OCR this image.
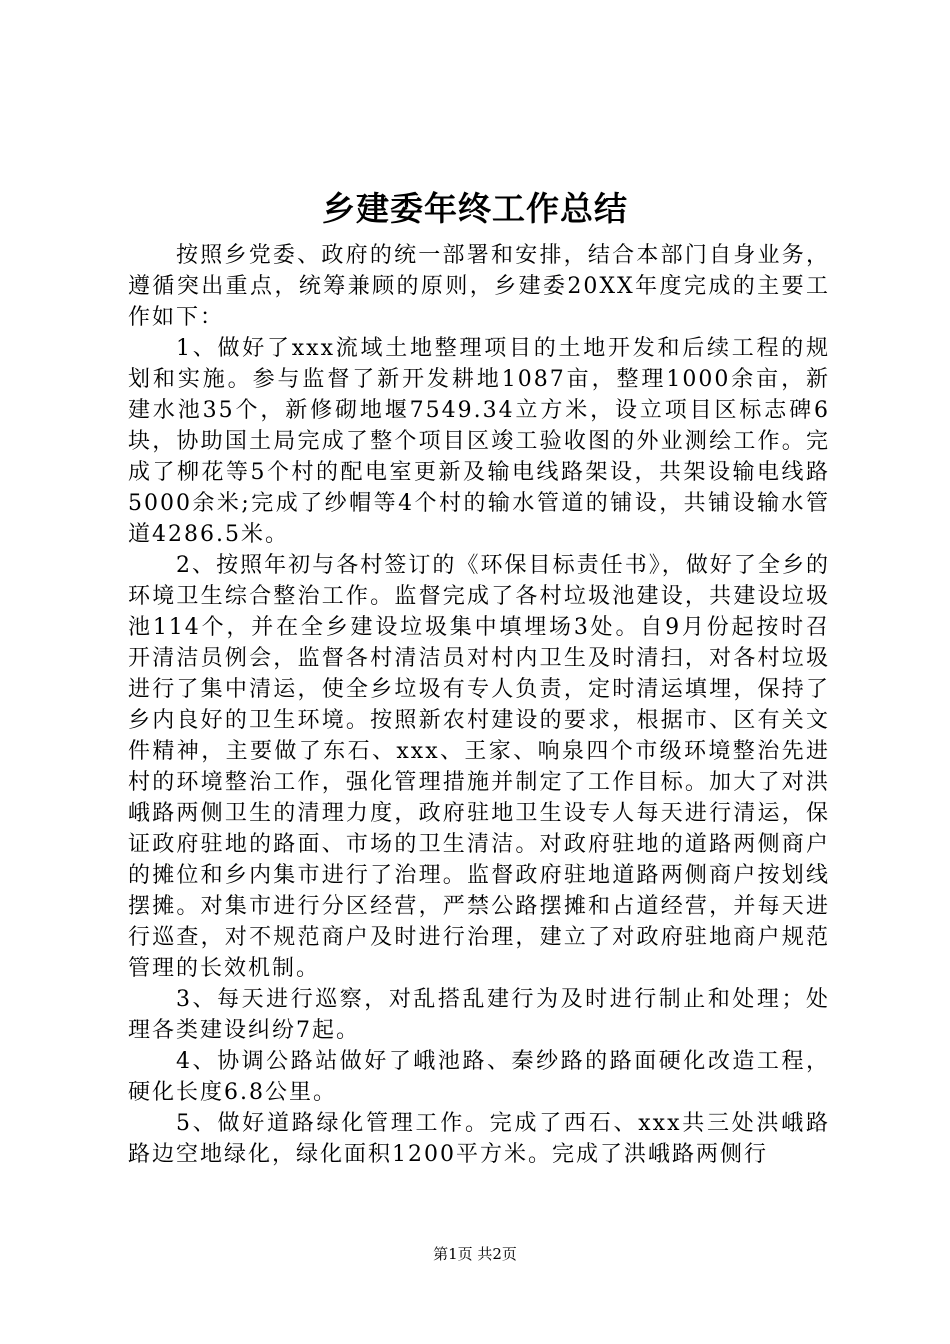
乡建委年终工作总结

按照乡党委、政府的统一部署和安排，结合本部门自身业务，遵循突出重点，统筹兼顾的原则，乡建委20XX年度完成的主要工作如下：

1、做好了xxx流域土地整理项目的土地开发和后续工程的规划和实施。参与监督了新开发耕地1087亩，整理1000余亩，新建水池35个，新修砌地堰7549.34立方米，设立项目区标志碑6块，协助国土局完成了整个项目区竣工验收图的外业测绘工作。完成了柳花等5个村的配电室更新及输电线路架设，共架设输电线路5000余米;完成了纱帽等4个村的输水管道的铺设，共铺设输水管道4286.5米。

2、按照年初与各村签订的《环保目标责任书》，做好了全乡的环境卫生综合整治工作。监督完成了各村垃圾池建设，共建设垃圾池114个，并在全乡建设垃圾集中填埋场3处。自9月份起按时召开清洁员例会，监督各村清洁员对村内卫生及时清扫，对各村垃圾进行了集中清运，使全乡垃圾有专人负责，定时清运填埋，保持了乡内良好的卫生环境。按照新农村建设的要求，根据市、区有关文件精神，主要做了东石、xxx、王家、响泉四个市级环境整治先进村的环境整治工作，强化管理措施并制定了工作目标。加大了对洪峨路两侧卫生的清理力度，政府驻地卫生设专人每天进行清运，保证政府驻地的路面、市场的卫生清洁。对政府驻地的道路两侧商户的摊位和乡内集市进行了治理。监督政府驻地道路两侧商户按划线摆摊。对集市进行分区经营，严禁公路摆摊和占道经营，并每天进行巡查，对不规范商户及时进行治理，建立了对政府驻地商户规范管理的长效机制。

3、每天进行巡察，对乱搭乱建行为及时进行制止和处理；处理各类建设纠纷7起。

4、协调公路站做好了峨池路、秦纱路的路面硬化改造工程，硬化长度6.8公里。

5、做好道路绿化管理工作。完成了西石、xxx共三处洪峨路路边空地绿化，绿化面积1200平方米。完成了洪峨路两侧行

第1页 共2页
